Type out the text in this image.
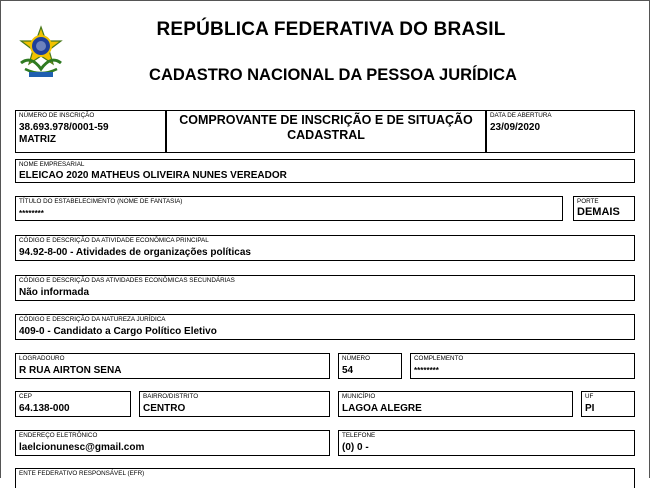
REPÚBLICA FEDERATIVA DO BRASIL
CADASTRO NACIONAL DA PESSOA JURÍDICA
NÚMERO DE INSCRIÇÃO
38.693.978/0001-59
MATRIZ
COMPROVANTE DE INSCRIÇÃO E DE SITUAÇÃO CADASTRAL
DATA DE ABERTURA
23/09/2020
NOME EMPRESARIAL
ELEICAO 2020 MATHEUS OLIVEIRA NUNES VEREADOR
TÍTULO DO ESTABELECIMENTO (NOME DE FANTASIA)
********
PORTE
DEMAIS
CÓDIGO E DESCRIÇÃO DA ATIVIDADE ECONÔMICA PRINCIPAL
94.92-8-00 - Atividades de organizações políticas
CÓDIGO E DESCRIÇÃO DAS ATIVIDADES ECONÔMICAS SECUNDÁRIAS
Não informada
CÓDIGO E DESCRIÇÃO DA NATUREZA JURÍDICA
409-0 - Candidato a Cargo Político Eletivo
LOGRADOURO
R RUA AIRTON SENA
NÚMERO
54
COMPLEMENTO
********
CEP
64.138-000
BAIRRO/DISTRITO
CENTRO
MUNICÍPIO
LAGOA ALEGRE
UF
PI
ENDEREÇO ELETRÔNICO
laelcionunesc@gmail.com
TELEFONE
(0) 0 -
ENTE FEDERATIVO RESPONSÁVEL (EFR)
